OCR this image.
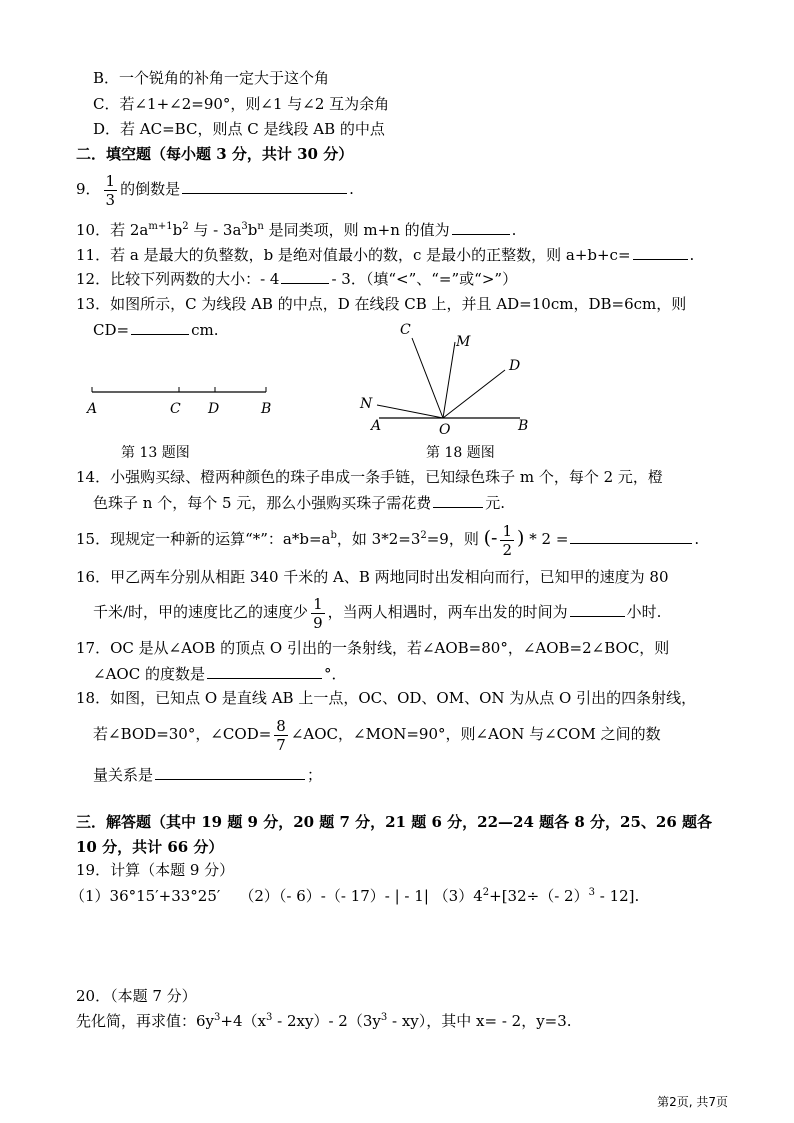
B．一个锐角的补角一定大于这个角
C．若∠1+∠2=90°，则∠1 与∠2 互为余角
D．若 AC=BC，则点 C 是线段 AB 的中点
二．填空题（每小题 3 分，共计 30 分）
9． $\frac{1}{3}$ 的倒数是	.
10．若 $2a^{m+1}b^2$ 与 - $3a^3b^n$ 是同类项，则 m+n 的值为	.
11．若 a 是最大的负整数，b 是绝对值最小的数，c 是最小的正整数，则 a+b+c=	.
12．比较下列两数的大小：- 4	- 3．（填“<”、“=”或“>”）
13．如图所示，C 为线段 AB 的中点，D 在线段 CB 上，并且 AD=10cm，DB=6cm，则
CD=	cm.
A	C D	B
第 13 题图
C
M
D
N
A	O	B
第 18 题图
14．小强购买绿、橙两种颜色的珠子串成一条手链，已知绿色珠子 m 个，每个 2 元，橙
色珠子 n 个，每个 5 元，那么小强购买珠子需花费	元.
15．现规定一种新的运算“*”：$a*b=a^b$，如 $3*2=3^2=9$，则 (- $\frac{1}{2}$ ) * 2 =	.
16．甲乙两车分别从相距 340 千米的 A、B 两地同时出发相向而行，已知甲的速度为 80
千米/时，甲的速度比乙的速度少 $\frac{1}{9}$ ，当两人相遇时，两车出发的时间为	小时.
17．OC 是从∠AOB 的顶点 O 引出的一条射线，若∠AOB=80°，∠AOB=2∠BOC，则
∠AOC 的度数是	°．
18．如图，已知点 O 是直线 AB 上一点，OC、OD、OM、ON 为从点 O 引出的四条射线，
若∠BOD=30°，∠COD= $\frac{8}{7}$ ∠AOC，∠MON=90°，则∠AON 与∠COM 之间的数
量关系是	；
三．解答题（其中 19 题 9 分，20 题 7 分，21 题 6 分，22—24 题各 8 分，25、26 题各
10 分，共计 66 分）
19．计算（本题 9 分）
（1）36°15′+33°25′ （2）（- 6）-（- 17）- | - 1| $(3)4^2+[32\div(-$ 2）$^3$ - 12].
20．（本题 7 分）
先化简，再求值：$6y^3+4(x^3 - 2xy)-$ $2(3y^3 - xy)$，其中 x= - 2，y=3.
第2页, 共7页
